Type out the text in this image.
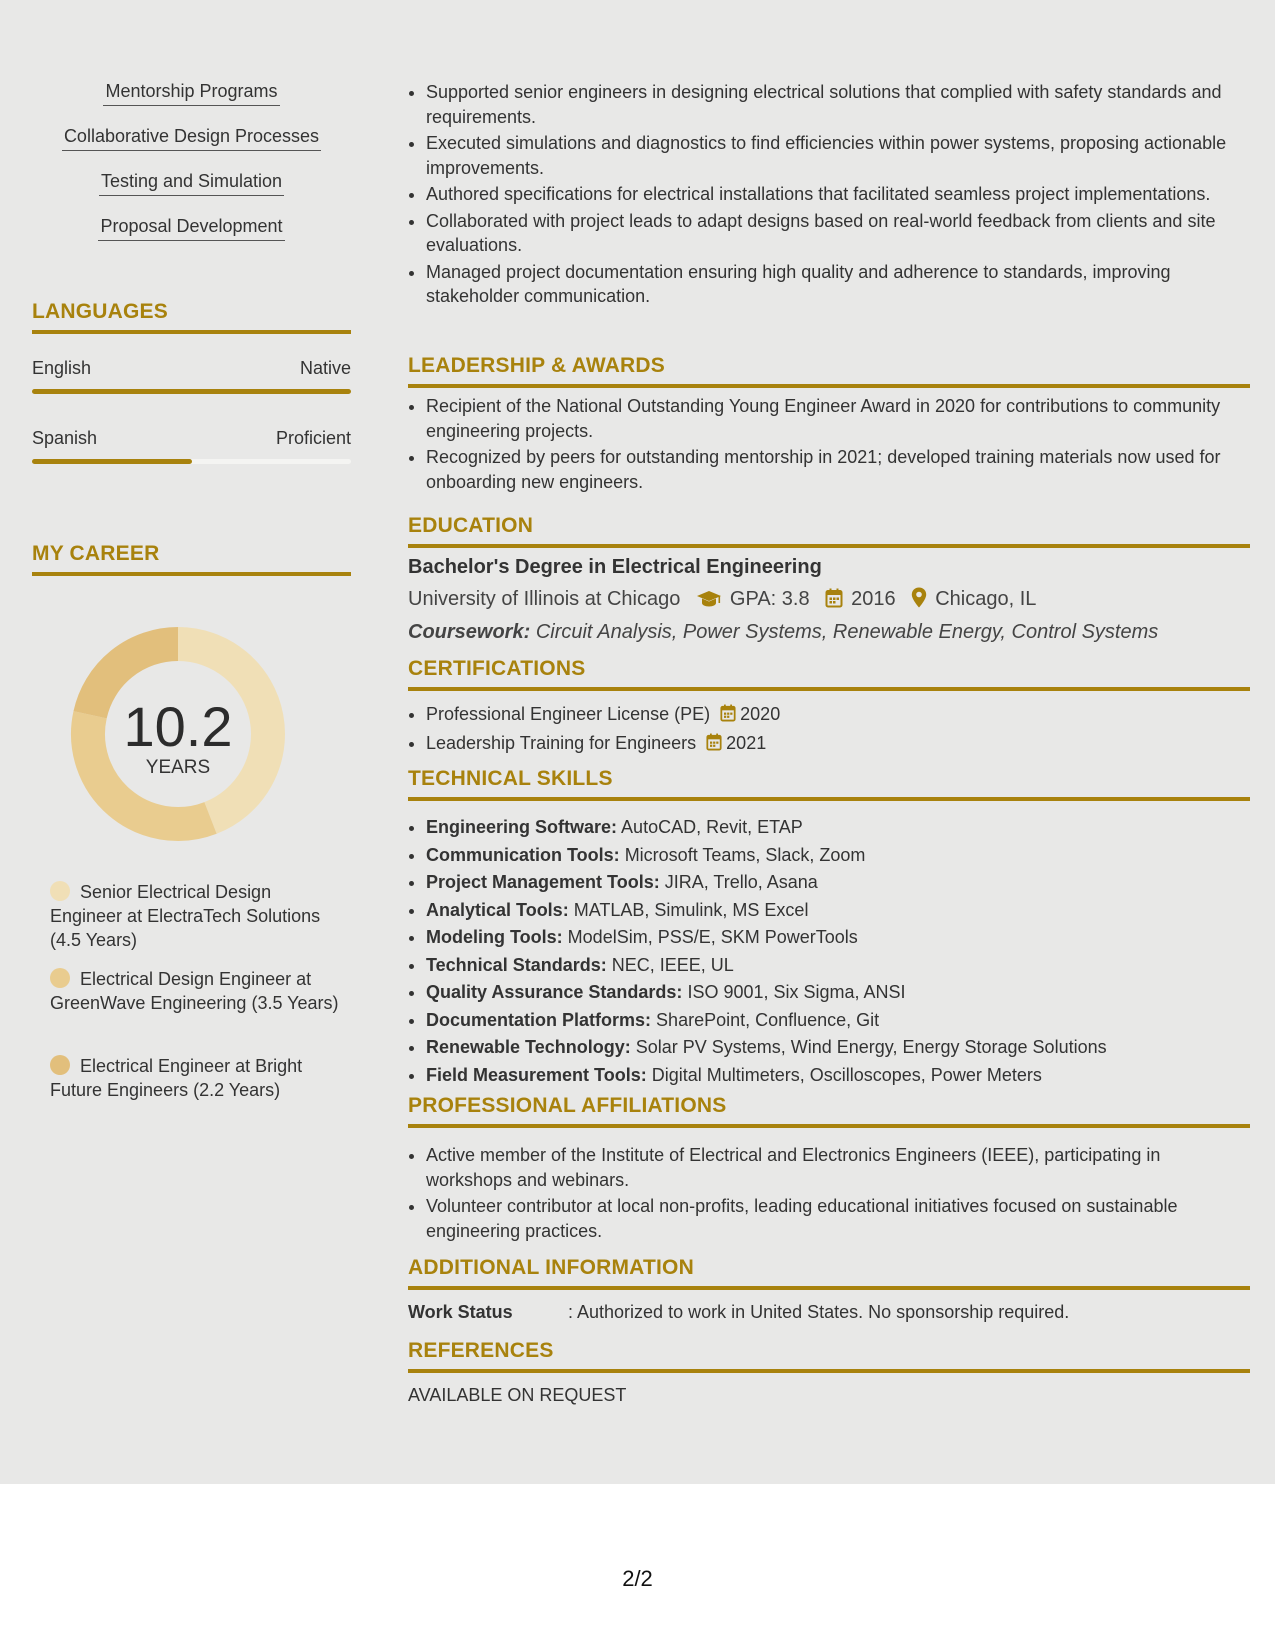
Mentorship Programs
Collaborative Design Processes
Testing and Simulation
Proposal Development
LANGUAGES
English	Native
Spanish	Proficient
MY CAREER
10.2
YEARS
Senior Electrical Design Engineer at ElectraTech Solutions (4.5 Years)
Electrical Design Engineer at GreenWave Engineering (3.5 Years)
Electrical Engineer at Bright Future Engineers (2.2 Years)
• Supported senior engineers in designing electrical solutions that complied with safety standards and requirements.
• Executed simulations and diagnostics to find efficiencies within power systems, proposing actionable improvements.
• Authored specifications for electrical installations that facilitated seamless project implementations.
• Collaborated with project leads to adapt designs based on real-world feedback from clients and site evaluations.
• Managed project documentation ensuring high quality and adherence to standards, improving stakeholder communication.
LEADERSHIP & AWARDS
• Recipient of the National Outstanding Young Engineer Award in 2020 for contributions to community engineering projects.
• Recognized by peers for outstanding mentorship in 2021; developed training materials now used for onboarding new engineers.
EDUCATION
Bachelor's Degree in Electrical Engineering
University of Illinois at Chicago GPA: 3.8 2016 Chicago, IL
Coursework: Circuit Analysis, Power Systems, Renewable Energy, Control Systems
CERTIFICATIONS
• Professional Engineer License (PE) 2020
• Leadership Training for Engineers 2021
TECHNICAL SKILLS
• Engineering Software: AutoCAD, Revit, ETAP
• Communication Tools: Microsoft Teams, Slack, Zoom
• Project Management Tools: JIRA, Trello, Asana
• Analytical Tools: MATLAB, Simulink, MS Excel
• Modeling Tools: ModelSim, PSS/E, SKM PowerTools
• Technical Standards: NEC, IEEE, UL
• Quality Assurance Standards: ISO 9001, Six Sigma, ANSI
• Documentation Platforms: SharePoint, Confluence, Git
• Renewable Technology: Solar PV Systems, Wind Energy, Energy Storage Solutions
• Field Measurement Tools: Digital Multimeters, Oscilloscopes, Power Meters
PROFESSIONAL AFFILIATIONS
• Active member of the Institute of Electrical and Electronics Engineers (IEEE), participating in workshops and webinars.
• Volunteer contributor at local non-profits, leading educational initiatives focused on sustainable engineering practices.
ADDITIONAL INFORMATION
Work Status	: Authorized to work in United States. No sponsorship required.
REFERENCES
AVAILABLE ON REQUEST
2/2
